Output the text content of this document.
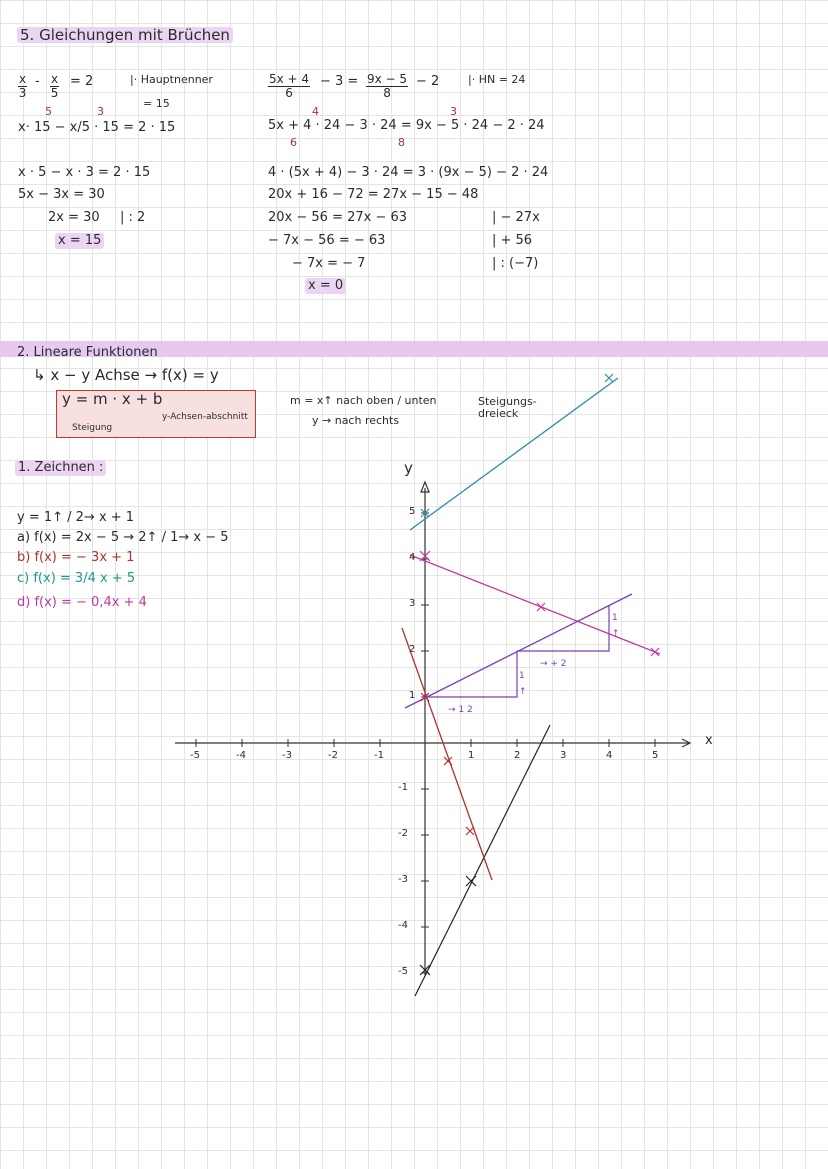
5. Gleichungen mit Brüchen
$\frac{x}{3} - \frac{x}{5} = 2$	|· Hauptnenner
= 15
5	3
x· 15 − x/5 · 15 = 2 · 15
x · 5 − x · 3 = 2 · 15
5x − 3x = 30
2x = 30 | : 2
x = 15
$\frac{5x + 4}{6} - 3 = \frac{9x - 5}{8} - 2$	|· HN = 24
4	3
5x + 4 · 24 − 3 · 24 = 9x − 5 · 24 − 2 · 24
6	8
4 · (5x + 4) − 3 · 24 = 3 · (9x − 5) − 2 · 24
20x + 16 − 72 = 27x − 15 − 48
20x − 56 = 27x − 63	| − 27x
− 7x − 56 = − 63	| + 56
− 7x = − 7	| : (−7)
x = 0
2. Lineare Funktionen
↳ x − y Achse → f(x) = y
y = m · x + b
Steigung
y-Achsen-abschnitt
m = x↑ nach oben / unten
y → nach rechts
Steigungs-dreieck
1. Zeichnen :
y = 1↑ / 2→ x + 1
a) f(x) = 2x − 5 → 2↑ / 1→ x − 5
b) f(x) = − 3x + 1
c) f(x) = 3/4 x + 5
d) f(x) = − 0,4x + 4
x
y
-5	-4	-3	-2	-1	1	2	3	4	5
1
2
3
4
5
-1
-2
-3
-4
-5
→ 1 2
1 ↑
→ + 2
1 ↑
